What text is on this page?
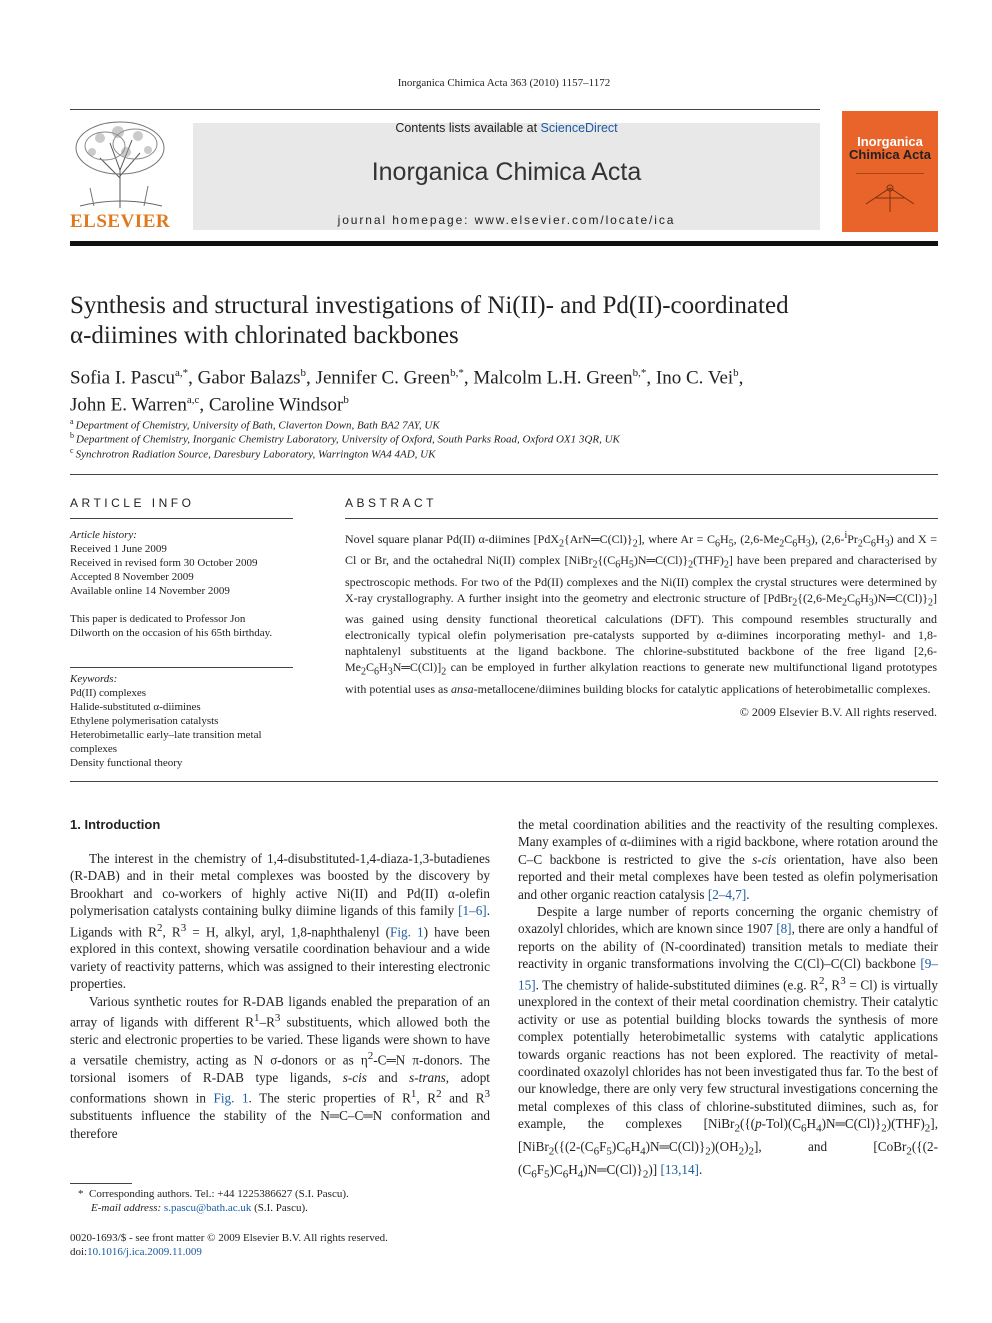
Inorganica Chimica Acta 363 (2010) 1157–1172
ELSEVIER
Contents lists available at ScienceDirect
Inorganica Chimica Acta
journal homepage: www.elsevier.com/locate/ica
Inorganica
Chimica Acta
Synthesis and structural investigations of Ni(II)- and Pd(II)-coordinated
α-diimines with chlorinated backbones
Sofia I. Pascu$^{a,*}$, Gabor Balazs$^b$, Jennifer C. Green$^{b,*}$, Malcolm L.H. Green$^{b,*}$, Ino C. Vei$^b$,
John E. Warren$^{a,c}$, Caroline Windsor$^b$
$^a$ Department of Chemistry, University of Bath, Claverton Down, Bath BA2 7AY, UK
$^b$ Department of Chemistry, Inorganic Chemistry Laboratory, University of Oxford, South Parks Road, Oxford OX1 3QR, UK
$^c$ Synchrotron Radiation Source, Daresbury Laboratory, Warrington WA4 4AD, UK
ARTICLE INFO
Article history:
Received 1 June 2009
Received in revised form 30 October 2009
Accepted 8 November 2009
Available online 14 November 2009
This paper is dedicated to Professor Jon Dilworth on the occasion of his 65th birthday.
Keywords:
Pd(II) complexes
Halide-substituted α-diimines
Ethylene polymerisation catalysts
Heterobimetallic early–late transition metal complexes
Density functional theory
ABSTRACT
Novel square planar Pd(II) α-diimines $[PdX_2\{ArN═C(Cl)\}_2]$, where $Ar = C_6H_5$, $(2,6-Me_2C_6H_3)$, $(2,6-^iPr_2C_6H_3)$ and X = Cl or Br, and the octahedral Ni(II) complex $[NiBr_2\{(C_6H_5)N═C(Cl)\}_2(THF)_2]$ have been prepared and characterised by spectroscopic methods. For two of the Pd(II) complexes and the Ni(II) complex the crystal structures were determined by X-ray crystallography. A further insight into the geometry and electronic structure of $[PdBr_2\{(2,6-Me_2C_6H_3)N═C(Cl)\}_2]$ was gained using density functional theoretical calculations (DFT). This compound resembles structurally and electronically typical olefin polymerisation pre-catalysts supported by α-diimines incorporating methyl- and 1,8-naphtalenyl substituents at the ligand backbone. The chlorine-substituted backbone of the free ligand $[2,6-Me_2C_6H_3N═C(Cl)]_2$ can be employed in further alkylation reactions to generate new multifunctional ligand prototypes with potential uses as ansa-metallocene/diimines building blocks for catalytic applications of heterobimetallic complexes.
© 2009 Elsevier B.V. All rights reserved.
1. Introduction

The interest in the chemistry of 1,4-disubstituted-1,4-diaza-1,3-butadienes (R-DAB) and in their metal complexes was boosted by the discovery by Brookhart and co-workers of highly active Ni(II) and Pd(II) α-olefin polymerisation catalysts containing bulky diimine ligands of this family [1–6]. Ligands with $R^2$, $R^3 = H$, alkyl, aryl, 1,8-naphthalenyl (Fig. 1) have been explored in this context, showing versatile coordination behaviour and a wide variety of reactivity patterns, which was assigned to their interesting electronic properties.

Various synthetic routes for R-DAB ligands enabled the preparation of an array of ligands with different $R^1-R^3$ substituents, which allowed both the steric and electronic properties to be varied. These ligands were shown to have a versatile chemistry, acting as N σ-donors or as $\eta^2-C═N$ π-donors. The torsional isomers of R-DAB type ligands, s-cis and s-trans, adopt conformations shown in Fig. 1. The steric properties of $R^1$, $R^2$ and $R^3$ substituents influence the stability of the N═C–C═N conformation and therefore

the metal coordination abilities and the reactivity of the resulting complexes. Many examples of α-diimines with a rigid backbone, where rotation around the C–C backbone is restricted to give the s-cis orientation, have also been reported and their metal complexes have been tested as olefin polymerisation and other organic reaction catalysis [2–4,7].

Despite a large number of reports concerning the organic chemistry of oxazolyl chlorides, which are known since 1907 [8], there are only a handful of reports on the ability of (N-coordinated) transition metals to mediate their reactivity in organic transformations involving the C(Cl)–C(Cl) backbone [9–15]. The chemistry of halide-substituted diimines (e.g. $R^2$, $R^3 = Cl$) is virtually unexplored in the context of their metal coordination chemistry. Their catalytic activity or use as potential building blocks towards the synthesis of more complex potentially heterobimetallic systems with catalytic applications towards organic reactions has not been explored. The reactivity of metal-coordinated oxazolyl chlorides has not been investigated thus far. To the best of our knowledge, there are only very few structural investigations concerning the metal complexes of this class of chlorine-substituted diimines, such as, for example, the complexes $[NiBr_2(\{(p-Tol)(C_6H_4)N═C(Cl)\}_2)(THF)_2]$, $[NiBr_2(\{(2-(C_6F_5)C_6H_4)N═C(Cl)\}_2)(OH_2)_2]$, and $[CoBr_2(\{(2-(C_6F_5)C_6H_4)N═C(Cl)\}_2)]$ [13,14].

*  Corresponding authors. Tel.: +44 1225386627 (S.I. Pascu).
E-mail address: s.pascu@bath.ac.uk (S.I. Pascu).
0020-1693/$ - see front matter © 2009 Elsevier B.V. All rights reserved.
doi:10.1016/j.ica.2009.11.009
